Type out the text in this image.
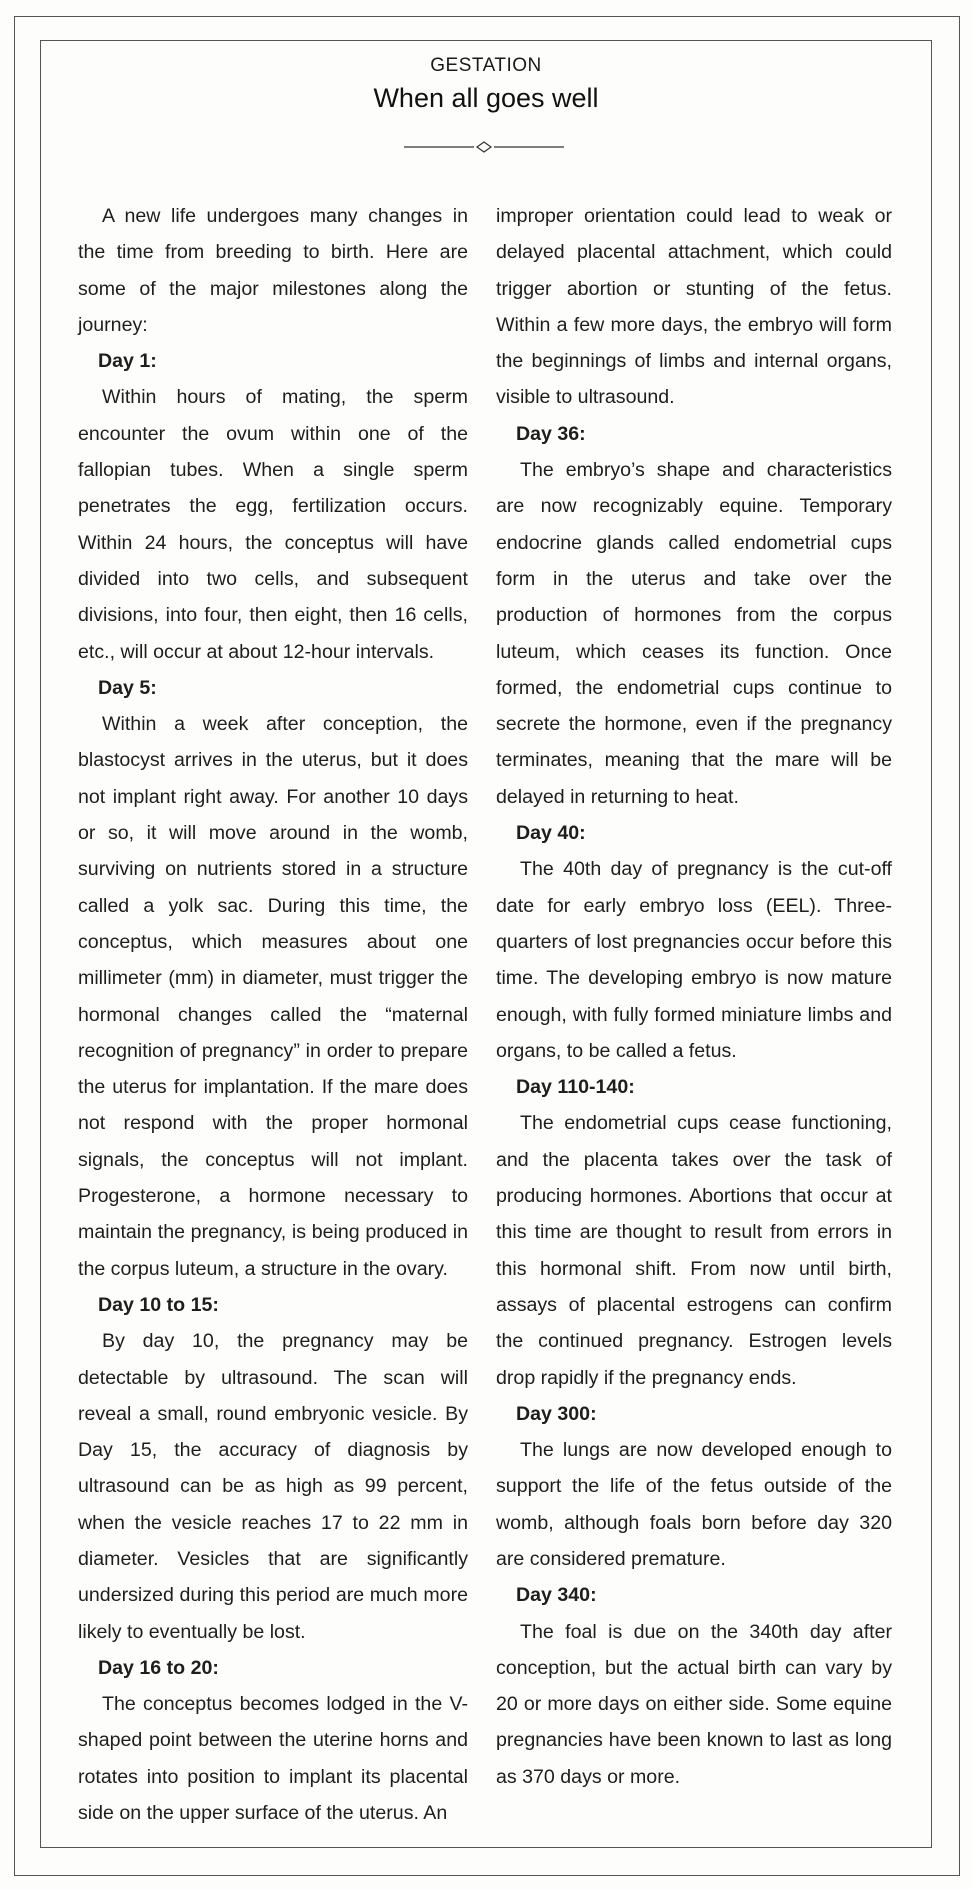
GESTATION
When all goes well

A new life undergoes many changes in the time from breeding to birth. Here are some of the major milestones along the journey:

Day 1:

Within hours of mating, the sperm encounter the ovum within one of the fallopian tubes. When a single sperm penetrates the egg, fertilization occurs. Within 24 hours, the conceptus will have divided into two cells, and subsequent divisions, into four, then eight, then 16 cells, etc., will occur at about 12-hour intervals.

Day 5:

Within a week after conception, the blastocyst arrives in the uterus, but it does not implant right away. For another 10 days or so, it will move around in the womb, surviving on nutrients stored in a structure called a yolk sac. During this time, the conceptus, which measures about one millimeter (mm) in diameter, must trigger the hormonal changes called the “maternal recognition of pregnancy” in order to prepare the uterus for implantation. If the mare does not respond with the proper hormonal signals, the conceptus will not implant. Progesterone, a hormone necessary to maintain the pregnancy, is being produced in the corpus luteum, a structure in the ovary.

Day 10 to 15:

By day 10, the pregnancy may be detectable by ultrasound. The scan will reveal a small, round embryonic vesicle. By Day 15, the accuracy of diagnosis by ultrasound can be as high as 99 percent, when the vesicle reaches 17 to 22 mm in diameter. Vesicles that are significantly undersized during this period are much more likely to eventually be lost.

Day 16 to 20:

The conceptus becomes lodged in the V-shaped point between the uterine horns and rotates into position to implant its placental side on the upper surface of the uterus. An

improper orientation could lead to weak or delayed placental attachment, which could trigger abortion or stunting of the fetus. Within a few more days, the embryo will form the beginnings of limbs and internal organs, visible to ultrasound.

Day 36:

The embryo’s shape and characteristics are now recognizably equine. Temporary endocrine glands called endometrial cups form in the uterus and take over the production of hormones from the corpus luteum, which ceases its function. Once formed, the endometrial cups continue to secrete the hormone, even if the pregnancy terminates, meaning that the mare will be delayed in returning to heat.

Day 40:

The 40th day of pregnancy is the cut-off date for early embryo loss (EEL). Three-quarters of lost pregnancies occur before this time. The developing embryo is now mature enough, with fully formed miniature limbs and organs, to be called a fetus.

Day 110-140:

The endometrial cups cease functioning, and the placenta takes over the task of producing hormones. Abortions that occur at this time are thought to result from errors in this hormonal shift. From now until birth, assays of placental estrogens can confirm the continued pregnancy. Estrogen levels drop rapidly if the pregnancy ends.

Day 300:

The lungs are now developed enough to support the life of the fetus outside of the womb, although foals born before day 320 are considered premature.

Day 340:

The foal is due on the 340th day after conception, but the actual birth can vary by 20 or more days on either side. Some equine pregnancies have been known to last as long as 370 days or more.
